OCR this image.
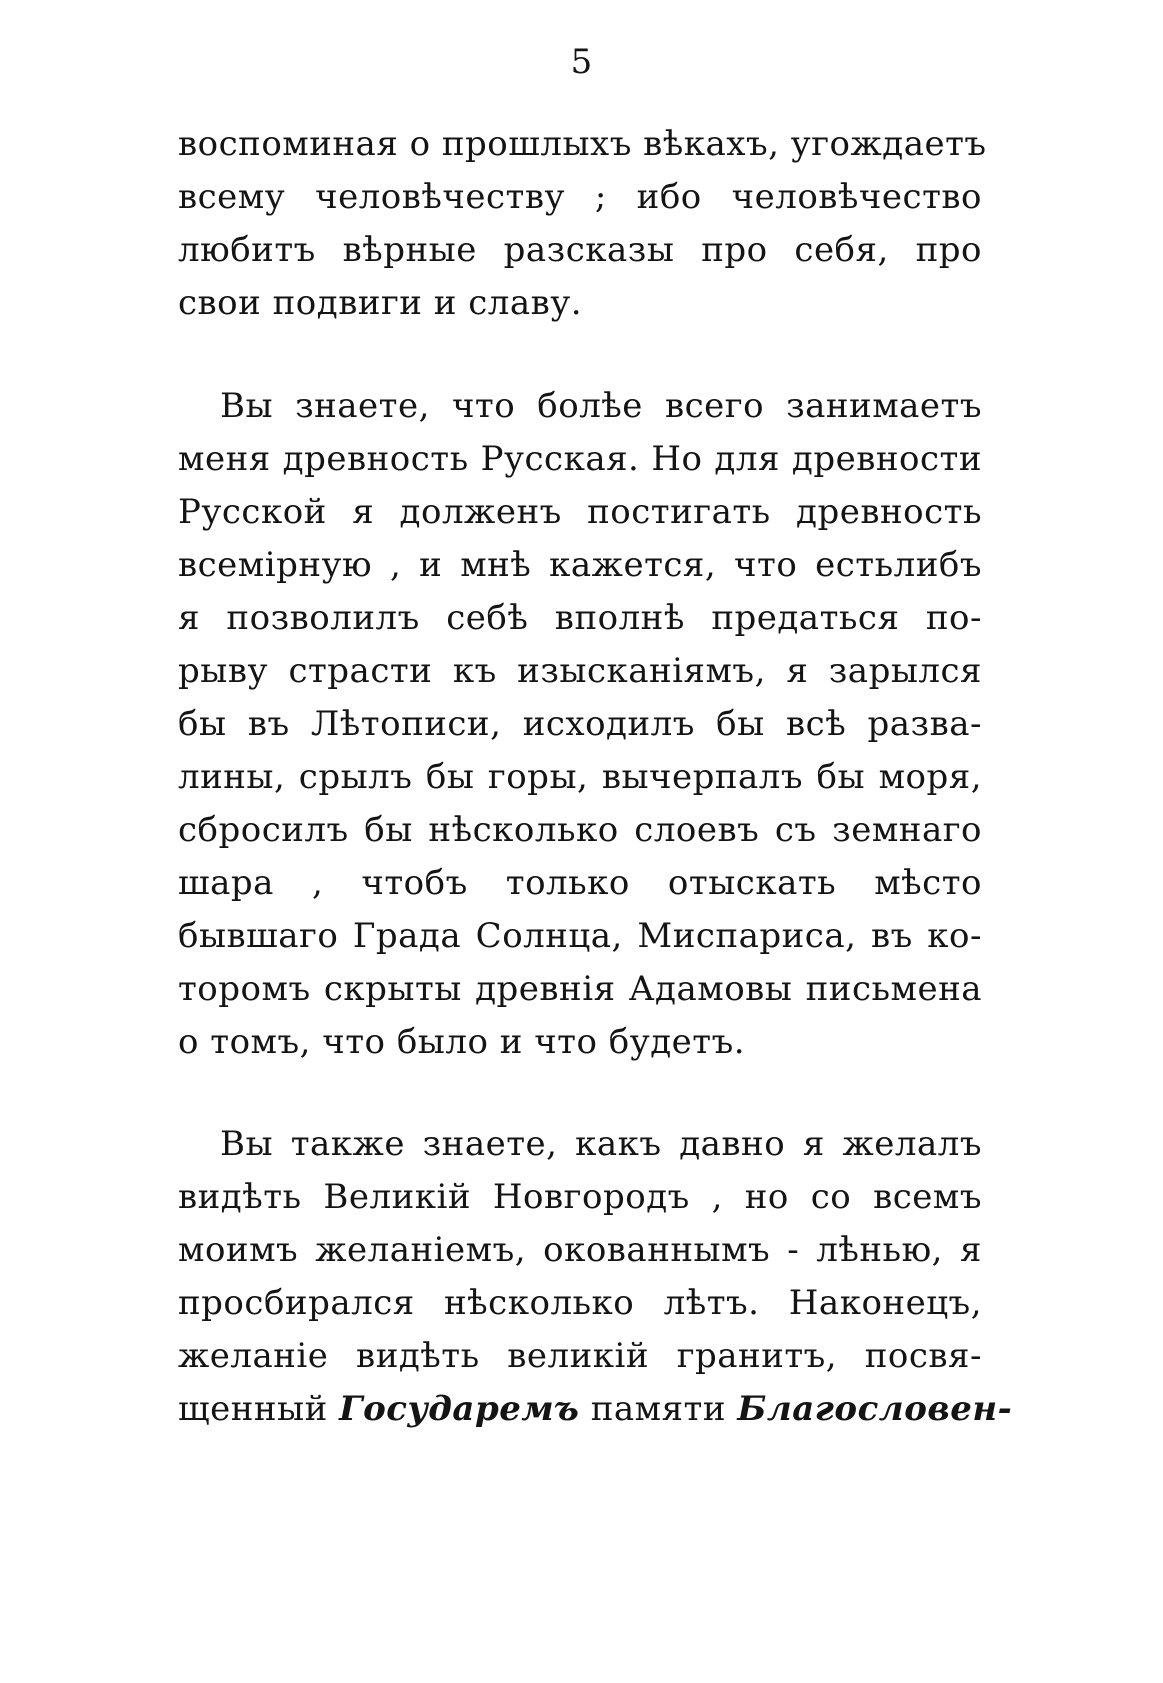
5
воспоминая о прошлыхъ вѣкахъ, угождаетъ
всему человѣчеству ; ибо человѣчество
любитъ вѣрные разсказы про себя, про
свои подвиги и славу.
Вы знаете, что болѣе всего занимаетъ
меня древность Русская. Но для древности
Русской я долженъ постигать древность
всемірную , и мнѣ кажется, что естьлибъ
я позволилъ себѣ вполнѣ предаться по-
рыву страсти къ изысканіямъ, я зарылся
бы въ Лѣтописи, исходилъ бы всѣ разва-
лины, срылъ бы горы, вычерпалъ бы моря,
сбросилъ бы нѣсколько слоевъ съ земнаго
шара , чтобъ только отыскать мѣсто
бывшаго Града Солнца, Миспариса, въ ко-
торомъ скрыты древнія Адамовы письмена
о томъ, что было и что будетъ.
Вы также знаете, какъ давно я желалъ
видѣть Великій Новгородъ , но со всемъ
моимъ желаніемъ, окованнымъ - лѣнью, я
просбирался нѣсколько лѣтъ. Наконецъ,
желаніе видѣть великій гранитъ, посвя-
щенный Государемъ памяти Благословен-
